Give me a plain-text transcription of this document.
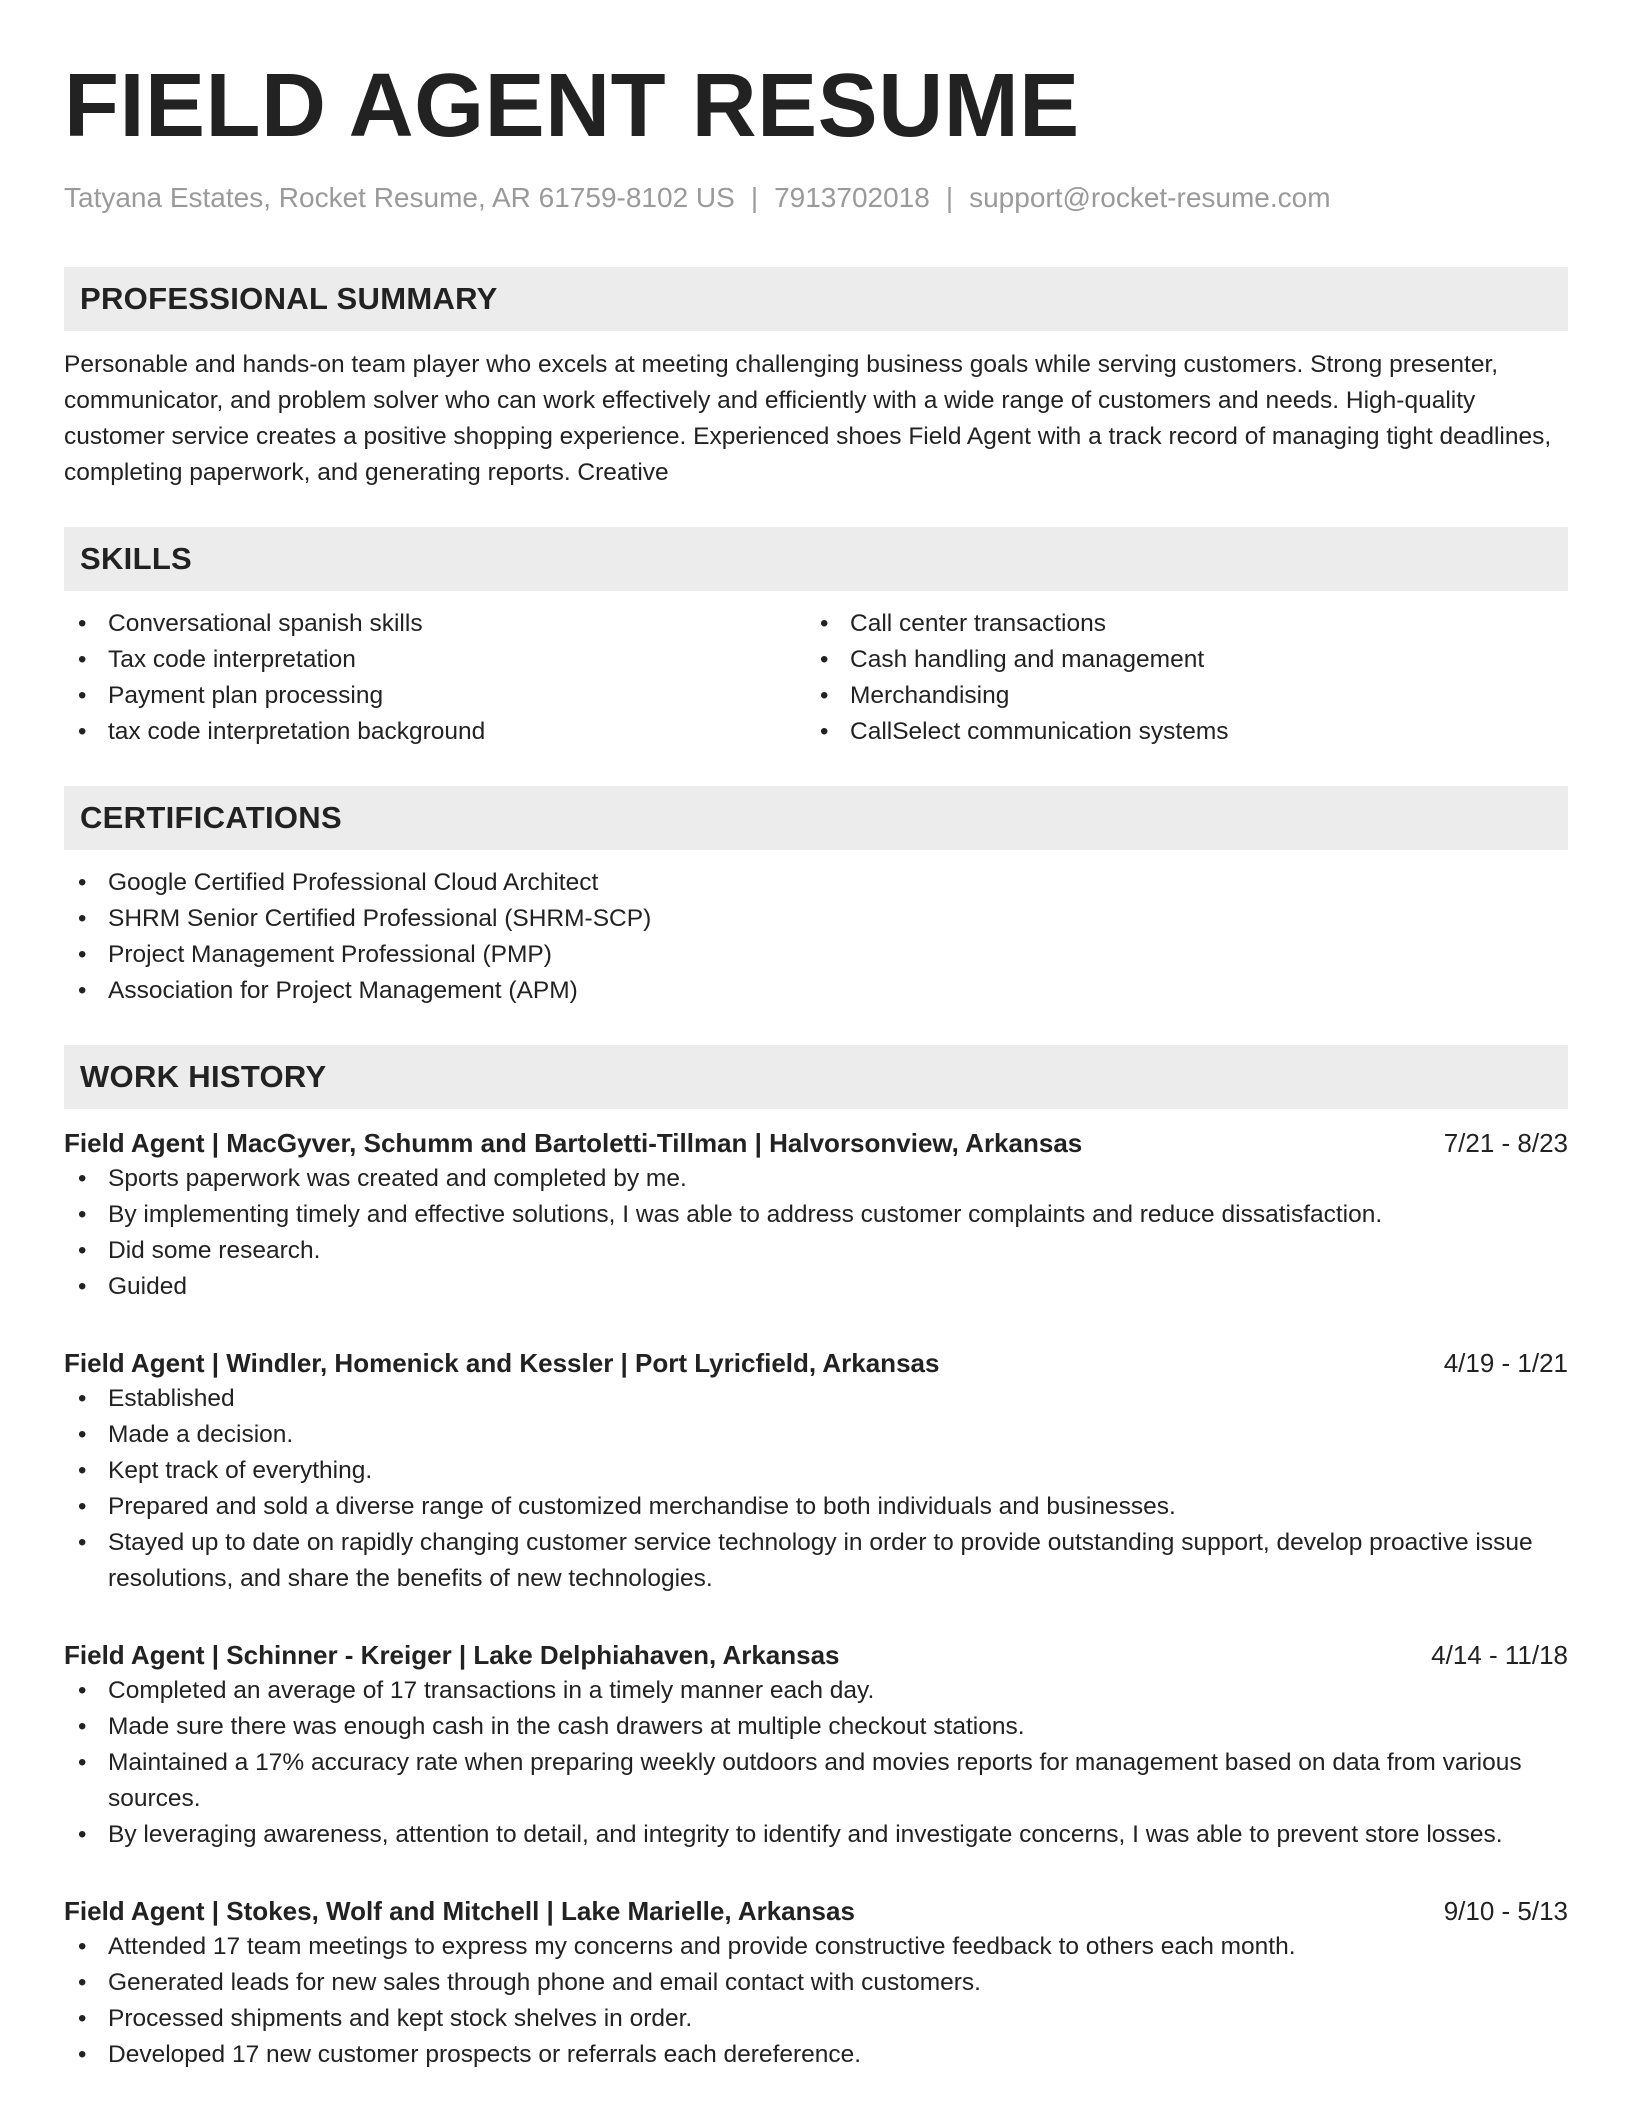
FIELD AGENT RESUME
Tatyana Estates, Rocket Resume, AR 61759-8102 US | 7913702018 | support@rocket-resume.com
PROFESSIONAL SUMMARY
Personable and hands-on team player who excels at meeting challenging business goals while serving customers. Strong presenter, communicator, and problem solver who can work effectively and efficiently with a wide range of customers and needs. High-quality customer service creates a positive shopping experience. Experienced shoes Field Agent with a track record of managing tight deadlines, completing paperwork, and generating reports. Creative
SKILLS
• Conversational spanish skills
• Tax code interpretation
• Payment plan processing
• tax code interpretation background
• Call center transactions
• Cash handling and management
• Merchandising
• CallSelect communication systems
CERTIFICATIONS
• Google Certified Professional Cloud Architect
• SHRM Senior Certified Professional (SHRM-SCP)
• Project Management Professional (PMP)
• Association for Project Management (APM)
WORK HISTORY
Field Agent | MacGyver, Schumm and Bartoletti-Tillman | Halvorsonview, Arkansas	7/21 - 8/23
• Sports paperwork was created and completed by me.
• By implementing timely and effective solutions, I was able to address customer complaints and reduce dissatisfaction.
• Did some research.
• Guided
Field Agent | Windler, Homenick and Kessler | Port Lyricfield, Arkansas	4/19 - 1/21
• Established
• Made a decision.
• Kept track of everything.
• Prepared and sold a diverse range of customized merchandise to both individuals and businesses.
• Stayed up to date on rapidly changing customer service technology in order to provide outstanding support, develop proactive issue resolutions, and share the benefits of new technologies.
Field Agent | Schinner - Kreiger | Lake Delphiahaven, Arkansas	4/14 - 11/18
• Completed an average of 17 transactions in a timely manner each day.
• Made sure there was enough cash in the cash drawers at multiple checkout stations.
• Maintained a 17% accuracy rate when preparing weekly outdoors and movies reports for management based on data from various sources.
• By leveraging awareness, attention to detail, and integrity to identify and investigate concerns, I was able to prevent store losses.
Field Agent | Stokes, Wolf and Mitchell | Lake Marielle, Arkansas	9/10 - 5/13
• Attended 17 team meetings to express my concerns and provide constructive feedback to others each month.
• Generated leads for new sales through phone and email contact with customers.
• Processed shipments and kept stock shelves in order.
• Developed 17 new customer prospects or referrals each dereference.
